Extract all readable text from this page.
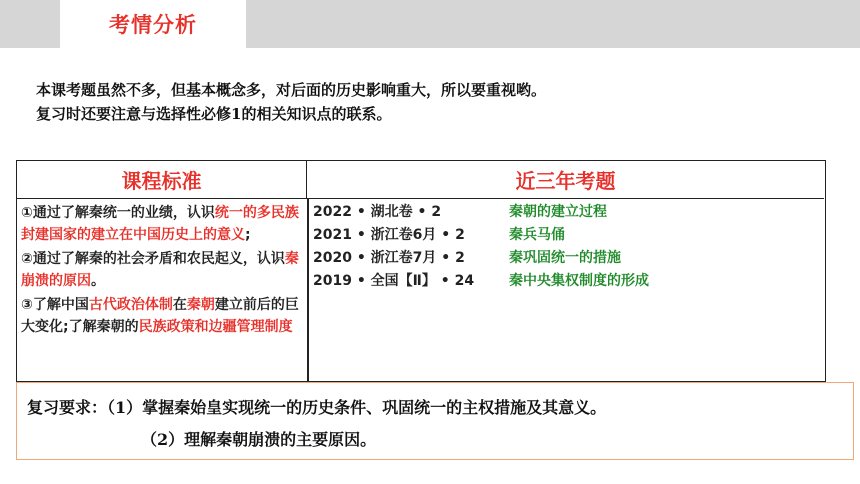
考情分析
本课考题虽然不多，但基本概念多，对后面的历史影响重大，所以要重视哟。
复习时还要注意与选择性必修1的相关知识点的联系。
课程标准	近三年考题
①通过了解秦统一的业绩，认识统一的多民族封建国家的建立在中国历史上的意义;
②通过了解秦的社会矛盾和农民起义，认识秦崩溃的原因。
③了解中国古代政治体制在秦朝建立前后的巨大变化;了解秦朝的民族政策和边疆管理制度
2022 • 湖北卷 • 2	秦朝的建立过程
2021 • 浙江卷6月 • 2	秦兵马俑
2020 • 浙江卷7月 • 2	秦巩固统一的措施
2019 • 全国【Ⅱ】 • 24	秦中央集权制度的形成
复习要求：（1）掌握秦始皇实现统一的历史条件、巩固统一的主权措施及其意义。
（2）理解秦朝崩溃的主要原因。
